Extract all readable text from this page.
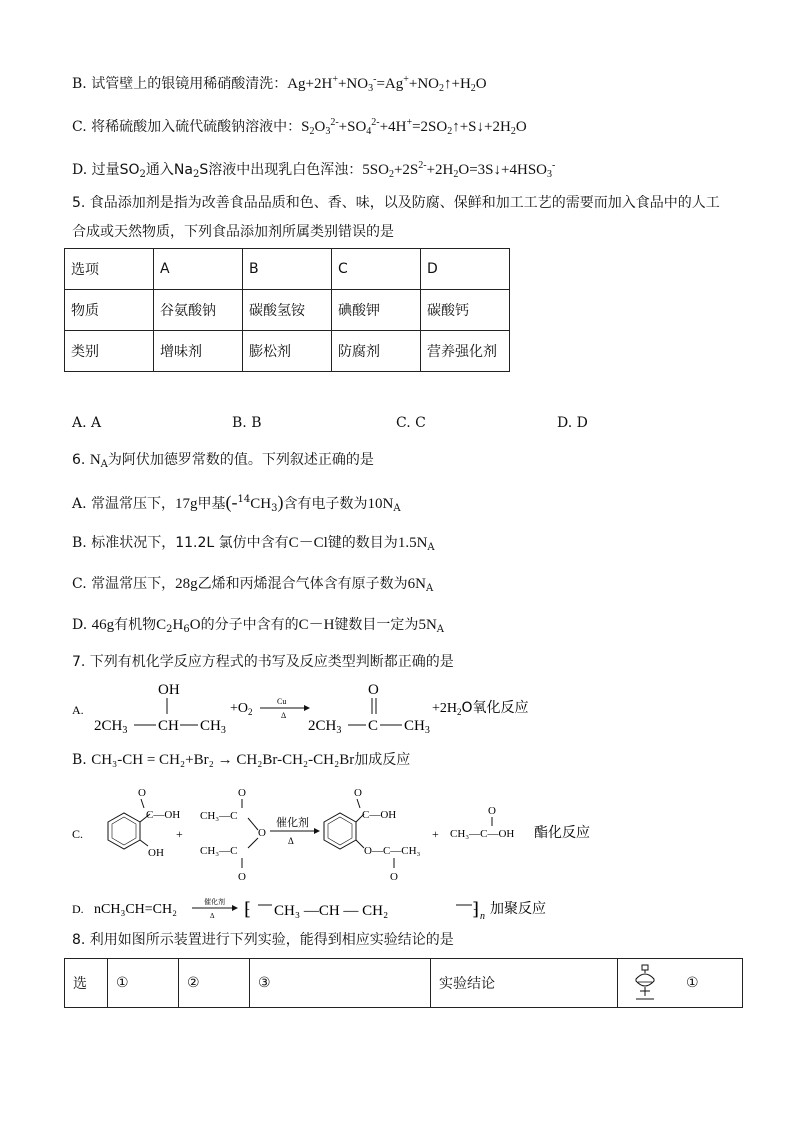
B. 试管壁上的银镜用稀硝酸清洗：$Ag+2H^++NO_3^-=Ag^++NO_2↑+H_2O$
C. 将稀硫酸加入硫代硫酸钠溶液中：$S_2O_3^{2-}+SO_4^{2-}+4H^+=2SO_2↑+S↓+2H_2O$
D. 过量$SO_2$通入$Na_2S$溶液中出现乳白色浑浊：$5SO_2+2S^{2-}+2H_2O=3S↓+4HSO_3^-$
5. 食品添加剂是指为改善食品品质和色、香、味，以及防腐、保鲜和加工工艺的需要而加入食品中的人工
合成或天然物质，下列食品添加剂所属类别错误的是
选项	A	B	C	D
物质	谷氨酸钠	碳酸氢铵	碘酸钾	碳酸钙
类别	增味剂	膨松剂	防腐剂	营养强化剂
A. A	B. B	C. C	D. D
6. $N_A$为阿伏加德罗常数的值。下列叙述正确的是
A. 常温常压下，17g甲基$(-^{14}CH_3)$含有电子数为$10N_A$
B. 标准状况下，11.2L 氯仿中含有C－Cl键的数目为$1.5N_A$
C. 常温常压下，28g乙烯和丙烯混合气体含有原子数为$6N_A$
D. 46g有机物$C_2H_6O$的分子中含有的C－H键数目一定为$5N_A$
7. 下列有机化学反应方程式的书写及反应类型判断都正确的是
A.
OH
$2CH_3$ CH $CH_3$
$+O_2$
Cu
Δ
O
$2CH_3$ C $CH_3$
$+2H_2O$氧化反应
B. CH₃-CH = CH₂+Br₂ → CH₂Br-CH₂-CH₂Br加成反应
C.
O
C—OH
OH
+
O
CH₃—C
O
CH₃—C
O
催化剂
Δ
O
C—OH
O—C—CH₃
O
+
O
CH₃—C—OH 酯化反应
D. nCH₃CH=CH₂	催化剂
Δ ⁅ CH₃ —CH — CH₂	⁆ n 加聚反应
8. 利用如图所示装置进行下列实验，能得到相应实验结论的是
选	①	②	③	实验结论	①
